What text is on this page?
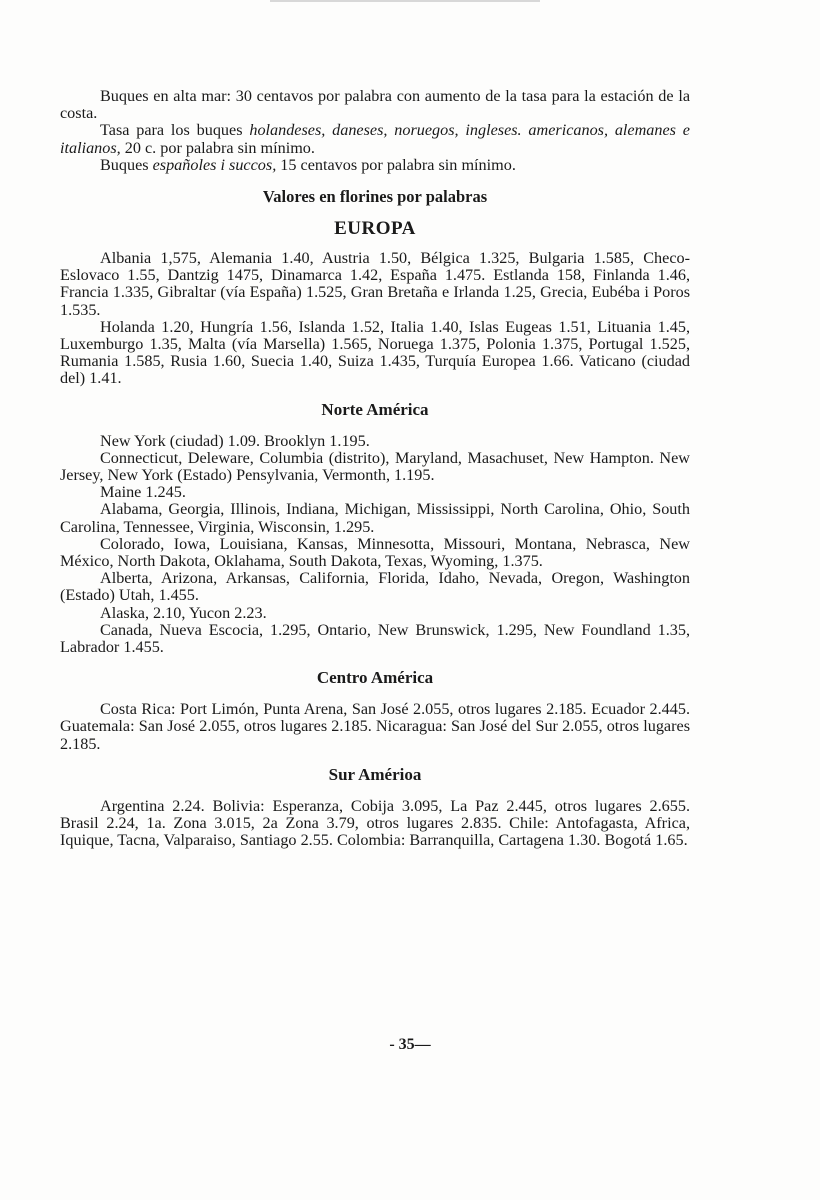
Buques en alta mar: 30 centavos por palabra con aumento de la tasa para la estación de la costa.

Tasa para los buques holandeses, daneses, noruegos, ingleses. americanos, alemanes e italianos, 20 c. por palabra sin mínimo.

Buques españoles i succos, 15 centavos por palabra sin mínimo.

Valores en florines por palabras
EUROPA

Albania 1,575, Alemania 1.40, Austria 1.50, Bélgica 1.325, Bulgaria 1.585, Checo-Eslovaco 1.55, Dantzig 1475, Dinamarca 1.42, España 1.475. Estlanda 158, Finlanda 1.46, Francia 1.335, Gibraltar (vía España) 1.525, Gran Bretaña e Irlanda 1.25, Grecia, Eubéba i Poros 1.535.

Holanda 1.20, Hungría 1.56, Islanda 1.52, Italia 1.40, Islas Eugeas 1.51, Lituania 1.45, Luxemburgo 1.35, Malta (vía Marsella) 1.565, Noruega 1.375, Polonia 1.375, Portugal 1.525, Rumania 1.585, Rusia 1.60, Suecia 1.40, Suiza 1.435, Turquía Europea 1.66. Vaticano (ciudad del) 1.41.

Norte América

New York (ciudad) 1.09. Brooklyn 1.195.

Connecticut, Deleware, Columbia (distrito), Maryland, Masachuset, New Hampton. New Jersey, New York (Estado) Pensylvania, Vermonth, 1.195.

Maine 1.245.

Alabama, Georgia, Illinois, Indiana, Michigan, Mississippi, North Carolina, Ohio, South Carolina, Tennessee, Virginia, Wisconsin, 1.295.

Colorado, Iowa, Louisiana, Kansas, Minnesotta, Missouri, Montana, Nebrasca, New México, North Dakota, Oklahama, South Dakota, Texas, Wyoming, 1.375.

Alberta, Arizona, Arkansas, California, Florida, Idaho, Nevada, Oregon, Washington (Estado) Utah, 1.455.

Alaska, 2.10, Yucon 2.23.

Canada, Nueva Escocia, 1.295, Ontario, New Brunswick, 1.295, New Foundland 1.35, Labrador 1.455.

Centro América

Costa Rica: Port Limón, Punta Arena, San José 2.055, otros lugares 2.185. Ecuador 2.445. Guatemala: San José 2.055, otros lugares 2.185. Nicaragua: San José del Sur 2.055, otros lugares 2.185.

Sur Amérioa

Argentina 2.24. Bolivia: Esperanza, Cobija 3.095, La Paz 2.445, otros lugares 2.655. Brasil 2.24, 1a. Zona 3.015, 2a Zona 3.79, otros lugares 2.835. Chile: Antofagasta, Africa, Iquique, Tacna, Valparaiso, Santiago 2.55. Colombia: Barranquilla, Cartagena 1.30. Bogotá 1.65.

- 35—
